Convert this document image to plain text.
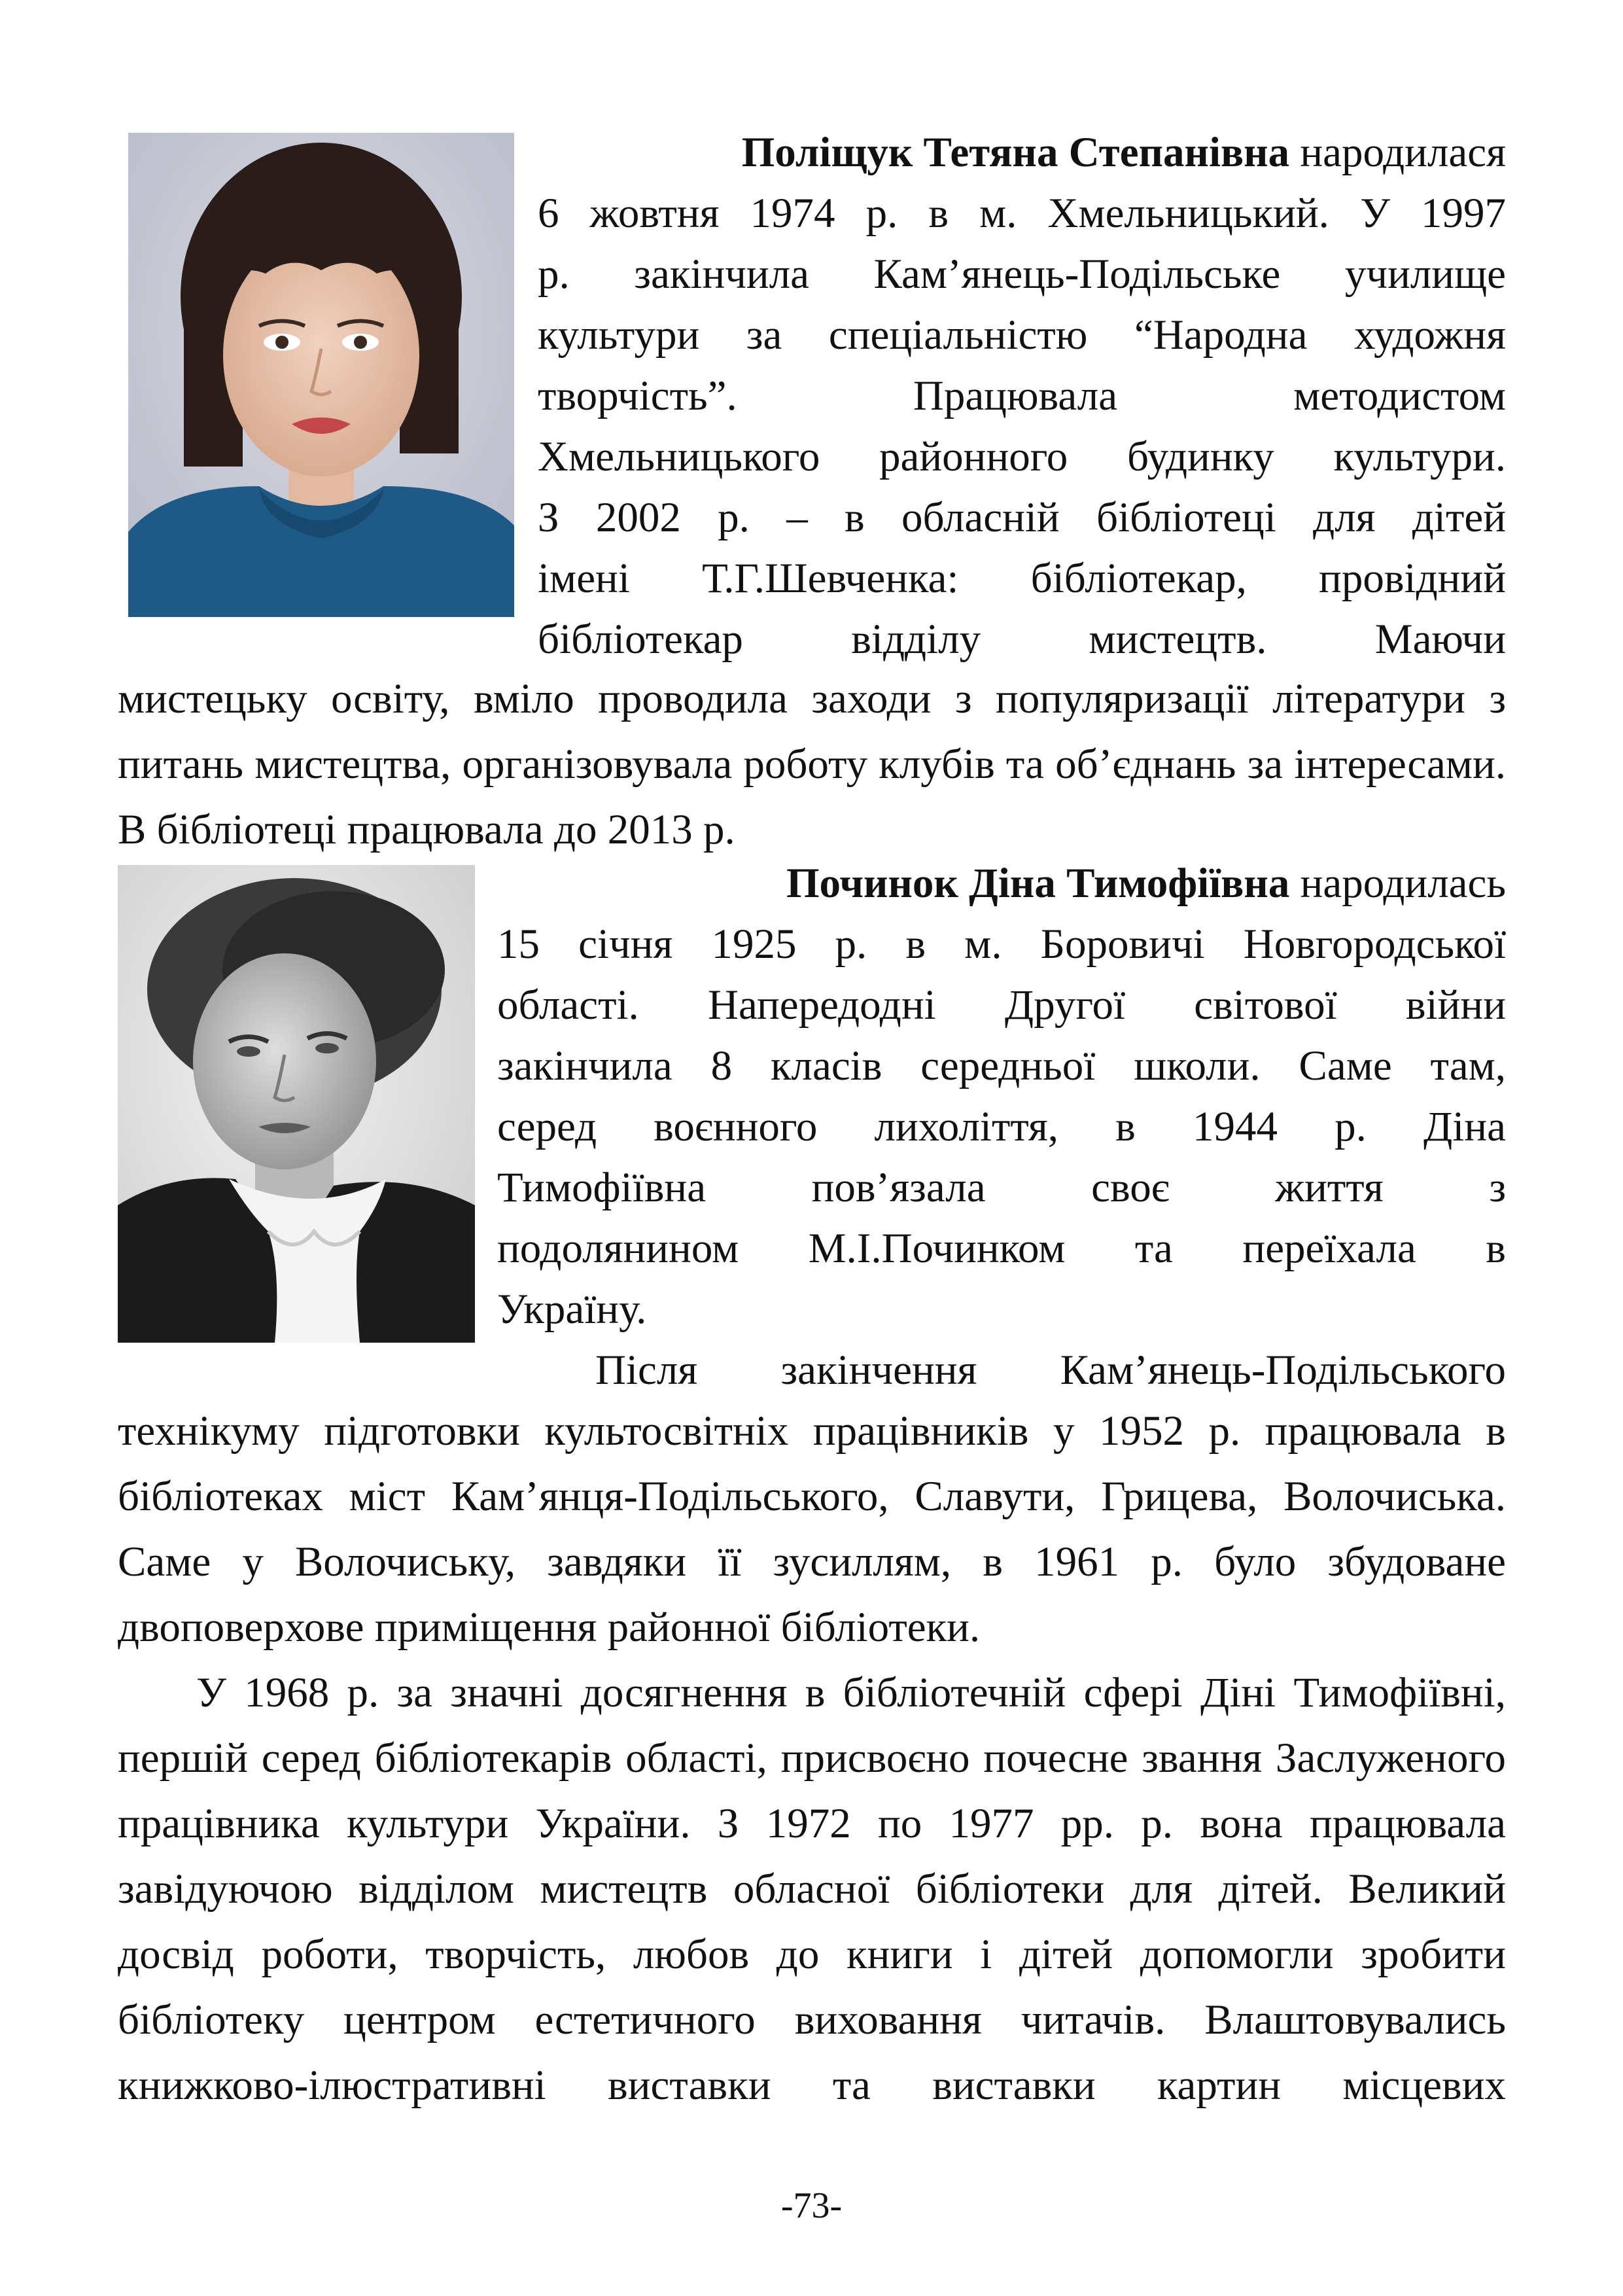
Поліщук Тетяна Степанівна народилася
6 жовтня 1974 р. в м. Хмельницький. У 1997
р. закінчила Кам’янець-Подільське училище
культури за спеціальністю “Народна художня
творчість”.   Працювала   методистом
Хмельницького районного будинку культури.
З 2002 р. – в обласній бібліотеці для дітей
імені Т.Г.Шевченка: бібліотекар, провідний
бібліотекар відділу мистецтв. Маючи

мистецьку освіту, вміло проводила заходи з популяризації літератури з питань мистецтва, організовувала роботу клубів та об’єднань за інтересами. В бібліотеці працювала до 2013 р.

Починок Діна Тимофіївна народилась
15 січня 1925 р. в м. Боровичі Новгородської
області. Напередодні Другої світової війни
закінчила 8 класів середньої школи. Саме там,
серед воєнного лихоліття, в 1944 р. Діна
Тимофіївна пов’язала своє життя з
подолянином М.І.Починком та переїхала в
Україну.
Після закінчення Кам’янець-Подільського

технікуму підготовки культосвітніх працівників у 1952 р. працювала в бібліотеках міст Кам’янця-Подільського, Славути, Грицева, Волочиська. Саме у Волочиську, завдяки її зусиллям, в 1961 р. було збудоване двоповерхове приміщення районної бібліотеки.

У 1968 р. за значні досягнення в бібліотечній сфері Діні Тимофіївні, першій серед бібліотекарів області, присвоєно почесне звання Заслуженого працівника культури України. З 1972 по 1977 рр. р. вона працювала завідуючою відділом мистецтв обласної бібліотеки для дітей. Великий досвід роботи, творчість, любов до книги і дітей допомогли зробити бібліотеку центром естетичного виховання читачів. Влаштовувались книжково-ілюстративні виставки та виставки картин місцевих

-73-
